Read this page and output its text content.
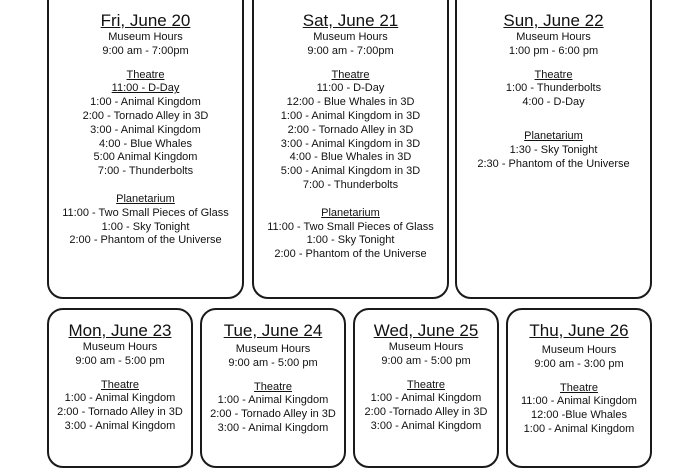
Fri, June 20
Museum Hours
9:00 am - 7:00pm
Theatre
11:00 - D-Day
1:00 - Animal Kingdom
2:00 - Tornado Alley in 3D
3:00 - Animal Kingdom
4:00 - Blue Whales
5:00 Animal Kingdom
7:00 - Thunderbolts
Planetarium
11:00 - Two Small Pieces of Glass
1:00 - Sky Tonight
2:00 - Phantom of the Universe
Sat, June 21
Museum Hours
9:00 am - 7:00pm
Theatre
11:00 - D-Day
12:00 - Blue Whales in 3D
1:00 - Animal Kingdom in 3D
2:00 - Tornado Alley in 3D
3:00 - Animal Kingdom in 3D
4:00 - Blue Whales in 3D
5:00 - Animal Kingdom in 3D
7:00 - Thunderbolts
Planetarium
11:00 - Two Small Pieces of Glass
1:00 - Sky Tonight
2:00 - Phantom of the Universe
Sun, June 22
Museum Hours
1:00 pm - 6:00 pm
Theatre
1:00 - Thunderbolts
4:00 - D-Day
Planetarium
1:30 - Sky Tonight
2:30 - Phantom of the Universe
Mon, June 23
Museum Hours
9:00 am - 5:00 pm
Theatre
1:00 - Animal Kingdom
2:00 - Tornado Alley in 3D
3:00 - Animal Kingdom
Tue, June 24
Museum Hours
9:00 am - 5:00 pm
Theatre
1:00 - Animal Kingdom
2:00 - Tornado Alley in 3D
3:00 - Animal Kingdom
Wed, June 25
Museum Hours
9:00 am - 5:00 pm
Theatre
1:00 - Animal Kingdom
2:00 -Tornado Alley in 3D
3:00 - Animal Kingdom
Thu, June 26
Museum Hours
9:00 am - 3:00 pm
Theatre
11:00 - Animal Kingdom
12:00 -Blue Whales
1:00 - Animal Kingdom
